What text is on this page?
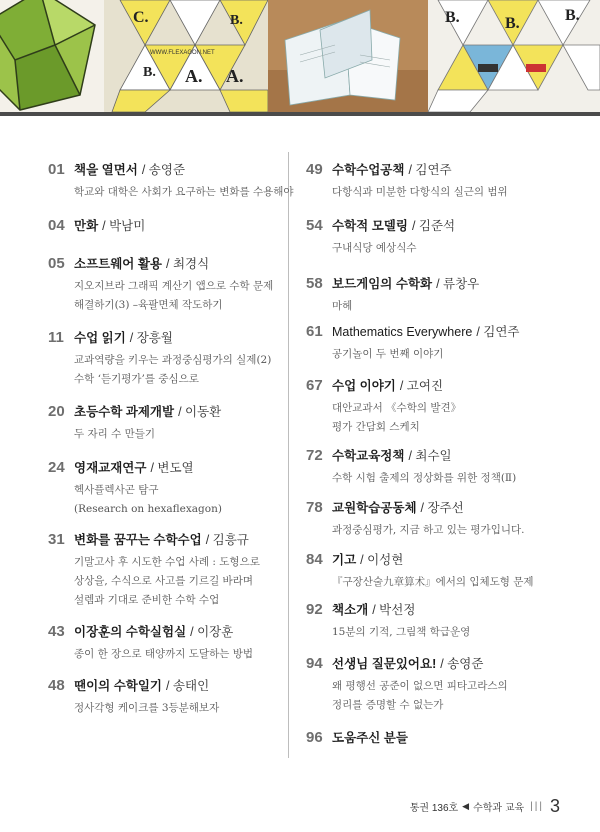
C.	B.
WWW.FLEXAGON.NET
B. A. A.
B.	B.	B.
01 책을 열면서 / 송영준
학교와 대학은 사회가 요구하는 변화를 수용해야
04 만화 / 박남미
05 소프트웨어 활용 / 최경식
지오지브라 그래픽 계산기 앱으로 수학 문제
해결하기(3) –육팔면체 작도하기
11 수업 읽기 / 장흥월
교과역량을 키우는 과정중심평가의 실제(2)
수학 ‘듣기평가’를 중심으로
20 초등수학 과제개발 / 이동환
두 자리 수 만들기
24 영재교재연구 / 변도열
헥사플렉사곤 탐구
(Research on hexaflexagon)
31 변화를 꿈꾸는 수학수업 / 김흥규
기말고사 후 시도한 수업 사례 : 도형으로
상상을, 수식으로 사고를 기르길 바라며
설렘과 기대로 준비한 수학 수업
43 이장훈의 수학실험실 / 이장훈
종이 한 장으로 태양까지 도달하는 방법
48 땐이의 수학일기 / 송태인
정사각형 케이크를 3등분해보자
49 수학수업공책 / 김연주
다항식과 미분한 다항식의 실근의 범위
54 수학적 모델링 / 김준석
구내식당 예상식수
58 보드게임의 수학화 / 류창우
마헤
61 Mathematics Everywhere / 김연주
공기놀이 두 번째 이야기
67 수업 이야기 / 고여진
대안교과서 《수학의 발견》
평가 간담회 스케치
72 수학교육정책 / 최수일
수학 시험 출제의 정상화를 위한 정책(Ⅱ)
78 교원학습공동체 / 장주선
과정중심평가, 지금 하고 있는 평가입니다.
84 기고 / 이성현
『구장산술九章算术』에서의 입체도형 문제
92 책소개 / 박선정
15분의 기적, 그림책 학급운영
94 선생님 질문있어요! / 송영준
왜 평행선 공준이 없으면 피타고라스의
정리를 증명할 수 없는가
96 도움주신 분들
통권 136호 ◀ 수학과 교육 ||| 3
